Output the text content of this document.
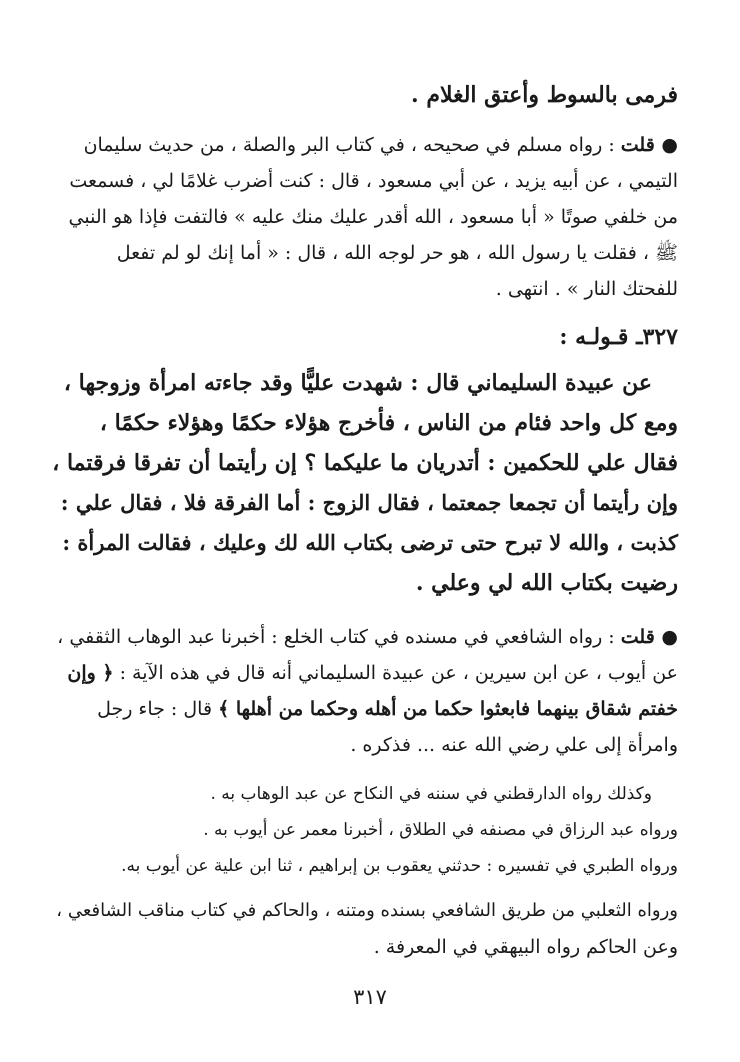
فرمى بالسوط وأعتق الغلام .
● قلت : رواه مسلم في صحيحه ، في كتاب البر والصلة ، من حديث سليمان
التيمي ، عن أبيه يزيد ، عن أبي مسعود ، قال : كنت أضرب غلامًا لي ، فسمعت
من خلفي صوتًا « أبا مسعود ، الله أقدر عليك منك عليه » فالتفت فإذا هو النبي
ﷺ ، فقلت يا رسول الله ، هو حر لوجه الله ، قال : « أما إنك لو لم تفعل
للفحتك النار » . انتهى .
٣٢٧ـ قـولـه :
عن عبيدة السليماني قال : شهدت عليًّا وقد جاءته امرأة وزوجها ،
ومع كل واحد فئام من الناس ، فأخرج هؤلاء حكمًا وهؤلاء حكمًا ،
فقال علي للحكمين : أتدريان ما عليكما ؟ إن رأيتما أن تفرقا فرقتما ،
وإن رأيتما أن تجمعا جمعتما ، فقال الزوج : أما الفرقة فلا ، فقال علي :
كذبت ، والله لا تبرح حتى ترضى بكتاب الله لك وعليك ، فقالت المرأة :
رضيت بكتاب الله لي وعلي .
● قلت : رواه الشافعي في مسنده في كتاب الخلع : أخبرنا عبد الوهاب الثقفي ،
عن أيوب ، عن ابن سيرين ، عن عبيدة السليماني أنه قال في هذه الآية : ﴿ وإن
خفتم شقاق بينهما فابعثوا حكما من أهله وحكما من أهلها ﴾ قال : جاء رجل
وامرأة إلى علي رضي الله عنه ... فذكره .
وكذلك رواه الدارقطني في سننه في النكاح عن عبد الوهاب به .
ورواه عبد الرزاق في مصنفه في الطلاق ، أخبرنا معمر عن أيوب به .
ورواه الطبري في تفسيره : حدثني يعقوب بن إبراهيم ، ثنا ابن علية عن أيوب به.
ورواه الثعلبي من طريق الشافعي بسنده ومتنه ، والحاكم في كتاب مناقب الشافعي ،
وعن الحاكم رواه البيهقي في المعرفة .
٣١٧
